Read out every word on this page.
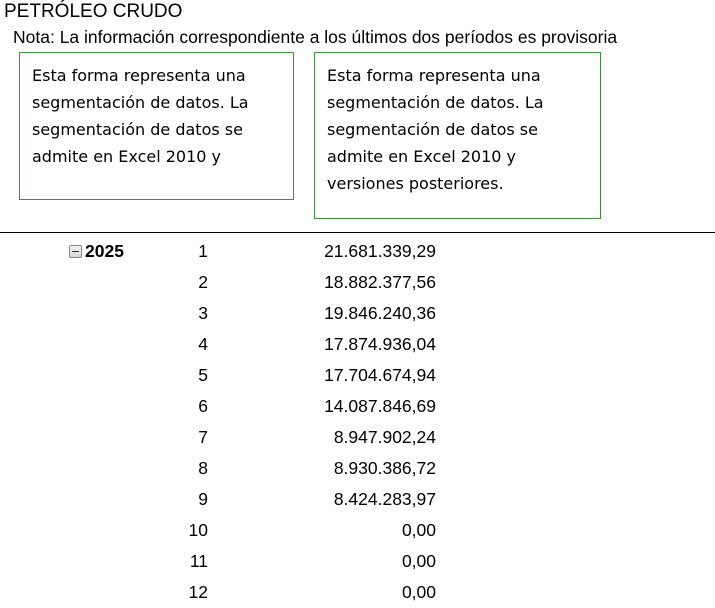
PETRÓLEO CRUDO
Nota: La información correspondiente a los últimos dos períodos es provisoria
Esta forma representa una
segmentación de datos. La
segmentación de datos se
admite en Excel 2010 y
Esta forma representa una
segmentación de datos. La
segmentación de datos se
admite en Excel 2010 y
versiones posteriores.
2025	1	21.681.339,29
2	18.882.377,56
3	19.846.240,36
4	17.874.936,04
5	17.704.674,94
6	14.087.846,69
7	8.947.902,24
8	8.930.386,72
9	8.424.283,97
10	0,00
11	0,00
12	0,00
